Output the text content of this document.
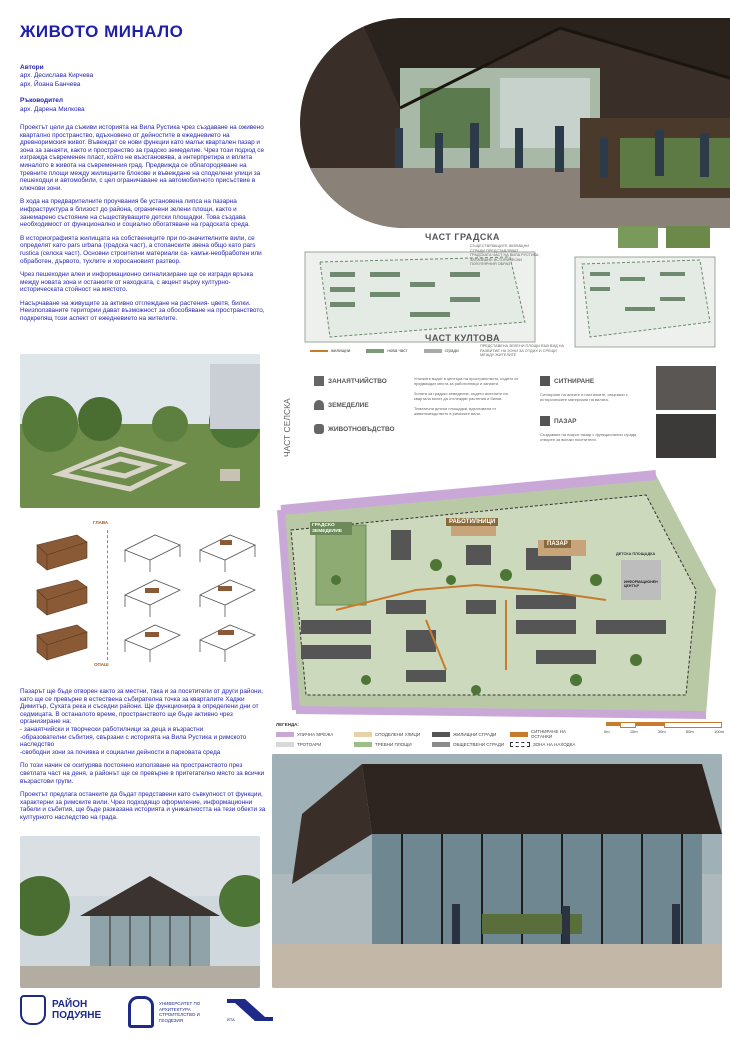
ЖИВОТО МИНАЛО
Автори
арх. Десислава Кирчева
арх. Йоана Банчева
Ръководител
арх. Дарена Милкова

Проектът цели да съживи историята на Вила Рустика чрез създаване на оживено квартално пространство, вдъхновено от дейностите в ежедневието на древноримския живот. Въвеждат се нови функции като малък квартален пазар и зона за занаяти, както и пространство за градско земеделие. Чрез този подход се изгражда съвременен пласт, който не възстановява, а интерпретира и вплита миналото в живота на съвременния град. Предвижда се облагородяване на тревните площи между жилищните блокове и въвеждане на споделени улици за пешеходци и автомобили, с цел ограничаване на автомобилното присъствие в ключови зони.

В хода на предварителните проучвания бе установена липса на пазарна инфраструктура в близост до района, ограничени зелени площи, както и занемарено състояние на съществуващите детски площадки. Това създава необходимост от функционално и социално обогатяване на градската среда.

В историографията жилищата на собствениците при по-значителните вили, се определят като pars urbana (градска част), а стопанските звена общо като pars rustica (селска част). Основни строителни материали са- камък-необработен или обработен, дървото, тухлите и хоросановият разтвор.

Чрез пешеходни алеи и информационно сигнализиране ще се изгради връзка между новата зона и останките от находката, с акцент върху културно-историческата стойност на мястото.

Насърчаване на живущите за активно отглеждане на растения- цветя, билки. Неизползваните територии дават възможност за обособяване на пространството, подкрепящ този аспект от ежедневието на жителите.

ЧАСТ ГРАДСКА
СЪЩЕСТВУВАЩИТЕ ЖИЛИЩНИ СГРАДИ ПРЕДСТАВЛЯВАТ ГРАДСКАТА ЧАСТ НА ВИЛА РУСТИКА, ЗАПАЗВАНЕ ИСТОРИЧЕСКИ ПОПУЛЯРНИЯ ОБРАЗ
ЧАСТ КУЛТОВА
ПРЕДСТАВЕНА ЗЕЛЕНИ ПЛОЩИ ВЪВ ВИД НА РАЗВИТИЕ НА ЗОНИ ЗА ОТДИХ И СРЕЩИ МЕЖДУ ЖИТЕЛИТЕ
жилищни	нова част	сгради
ЧАСТ СЕЛСКА
ЗАНАЯТЧИЙСТВО
ЗЕМЕДЕЛИЕ
ЖИВОТНОВЪДСТВО
Уличките водят в центъра на пространството, където се предвиждат места за работилници и занаяти.
Зоната за градско земеделие, където жителите на квартала могат да отглеждат растения и билки.
Тематични детски площадки, вдъхновени от животновъдството в римските вили.
СИТНИРАНЕ
Ситниране на алеите и настилките, свързани с историческите материали на вилата.
ПАЗАР
Създаване на покрит пазар с функционални сгради, отворен за всички посетители.
ГЛАВА
ОПАШ

Пазарът ще бъде отворен както за местни, така и за посетители от други райони, като ще се превърне в естествена събирателна точка за кварталите Хаджи Димитър, Сухата река и съседни райони. Ще функционира в определени дни от седмицата. В останалото време, пространството ще бъде активно чрез организиране на:

- занаятчийски и творчески работилници за деца и възрастни

-образователни събития, свързани с историята на Вила Рустика и римското наследство

-свободни зони за почивка и социални дейности в парковата среда

По този начин се осигурява постоянно използване на пространството през светлата част на деня, а районът ще се превърне в притегателно място за всички възрастови групи.

Проектът предлага останките да бъдат представени като съвкупност от функции, характерни за римските вили. Чрез подходящо оформление, информационни табели и събития, ще бъде разказана историята и уникалността на тези обекти за културното наследство на града.

ГРАДСКО ЗЕМЕДЕЛИЕ
РАБОТИЛНИЦИ
ПАЗАР
ДЕТСКА ПЛОЩАДКА
ИНФОРМАЦИОНЕН ЦЕНТЪР
ЛЕГЕНДА:
УЛИЧНА МРЕЖА	СПОДЕЛЕНИ УЛИЦИ	ЖИЛИЩНИ СГРАДИ	СИТНИРАНЕ НА ОСТАНКИ
ТРОТОАРИ	ТРЕВНИ ПЛОЩИ	ОБЩЕСТВЕНИ СГРАДИ	ЗОНА НА НАХОДКА
0m	10m	30m	50m	100m
РАЙОН
ПОДУЯНЕ
УНИВЕРСИТЕТ ПО АРХИТЕКТУРА СТРОИТЕЛСТВО И ГЕОДЕЗИЯ	ЙТА
